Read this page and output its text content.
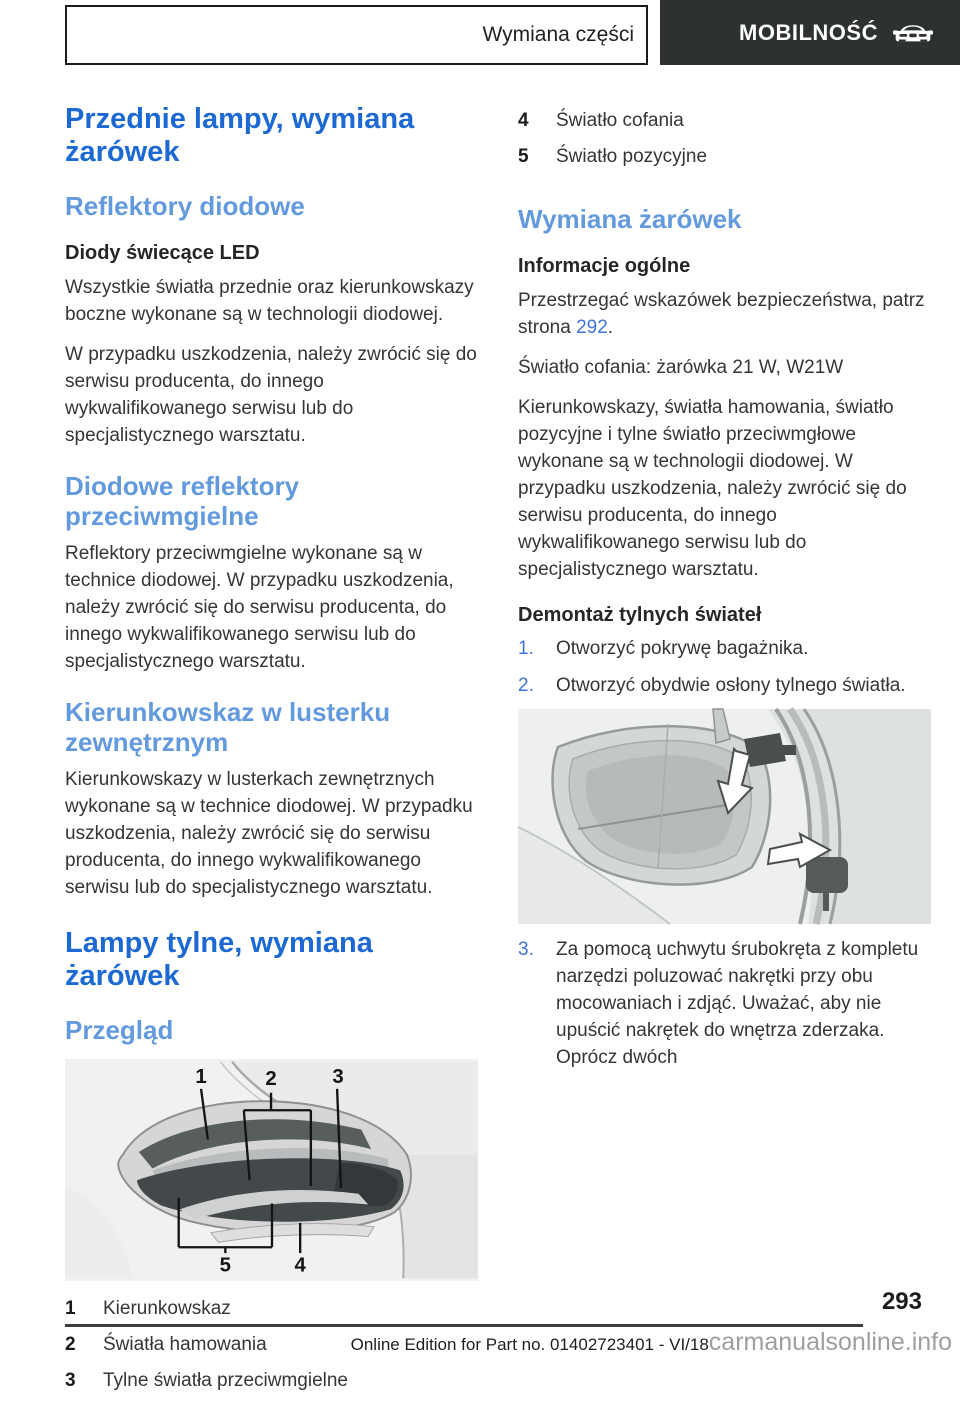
Wymiana części	MOBILNOŚĆ
Przednie lampy, wymiana żarówek
Reflektory diodowe
Diody świecące LED

Wszystkie światła przednie oraz kierunkowskazy boczne wykonane są w technologii diodowej.

W przypadku uszkodzenia, należy zwrócić się do serwisu producenta, do innego wykwalifikowanego serwisu lub do specjalistycznego warsztatu.

Diodowe reflektory przeciwmgielne

Reflektory przeciwmgielne wykonane są w technice diodowej. W przypadku uszkodzenia, należy zwrócić się do serwisu producenta, do innego wykwalifikowanego serwisu lub do specjalistycznego warsztatu.

Kierunkowskaz w lusterku zewnętrznym

Kierunkowskazy w lusterkach zewnętrznych wykonane są w technice diodowej. W przypadku uszkodzenia, należy zwrócić się do serwisu producenta, do innego wykwalifikowanego serwisu lub do specjalistycznego warsztatu.

Lampy tylne, wymiana żarówek
Przegląd
1	2	3
5	4
1	Kierunkowskaz
2	Światła hamowania
3	Tylne światła przeciwmgielne
4	Światło cofania
5	Światło pozycyjne
Wymiana żarówek
Informacje ogólne

Przestrzegać wskazówek bezpieczeństwa, patrz strona 292.

Światło cofania: żarówka 21 W, W21W

Kierunkowskazy, światła hamowania, światło pozycyjne i tylne światło przeciwmgłowe wykonane są w technologii diodowej. W przypadku uszkodzenia, należy zwrócić się do serwisu producenta, do innego wykwalifikowanego serwisu lub do specjalistycznego warsztatu.

Demontaż tylnych świateł
1.	Otworzyć pokrywę bagażnika.
2.	Otworzyć obydwie osłony tylnego światła.
3.	Za pomocą uchwytu śrubokręta z kompletu narzędzi poluzować nakrętki przy obu mocowaniach i zdjąć. Uważać, aby nie upuścić nakrętek do wnętrza zderzaka. Oprócz dwóch
293
Online Edition for Part no. 01402723401 - VI/18 carmanualsonline.info
